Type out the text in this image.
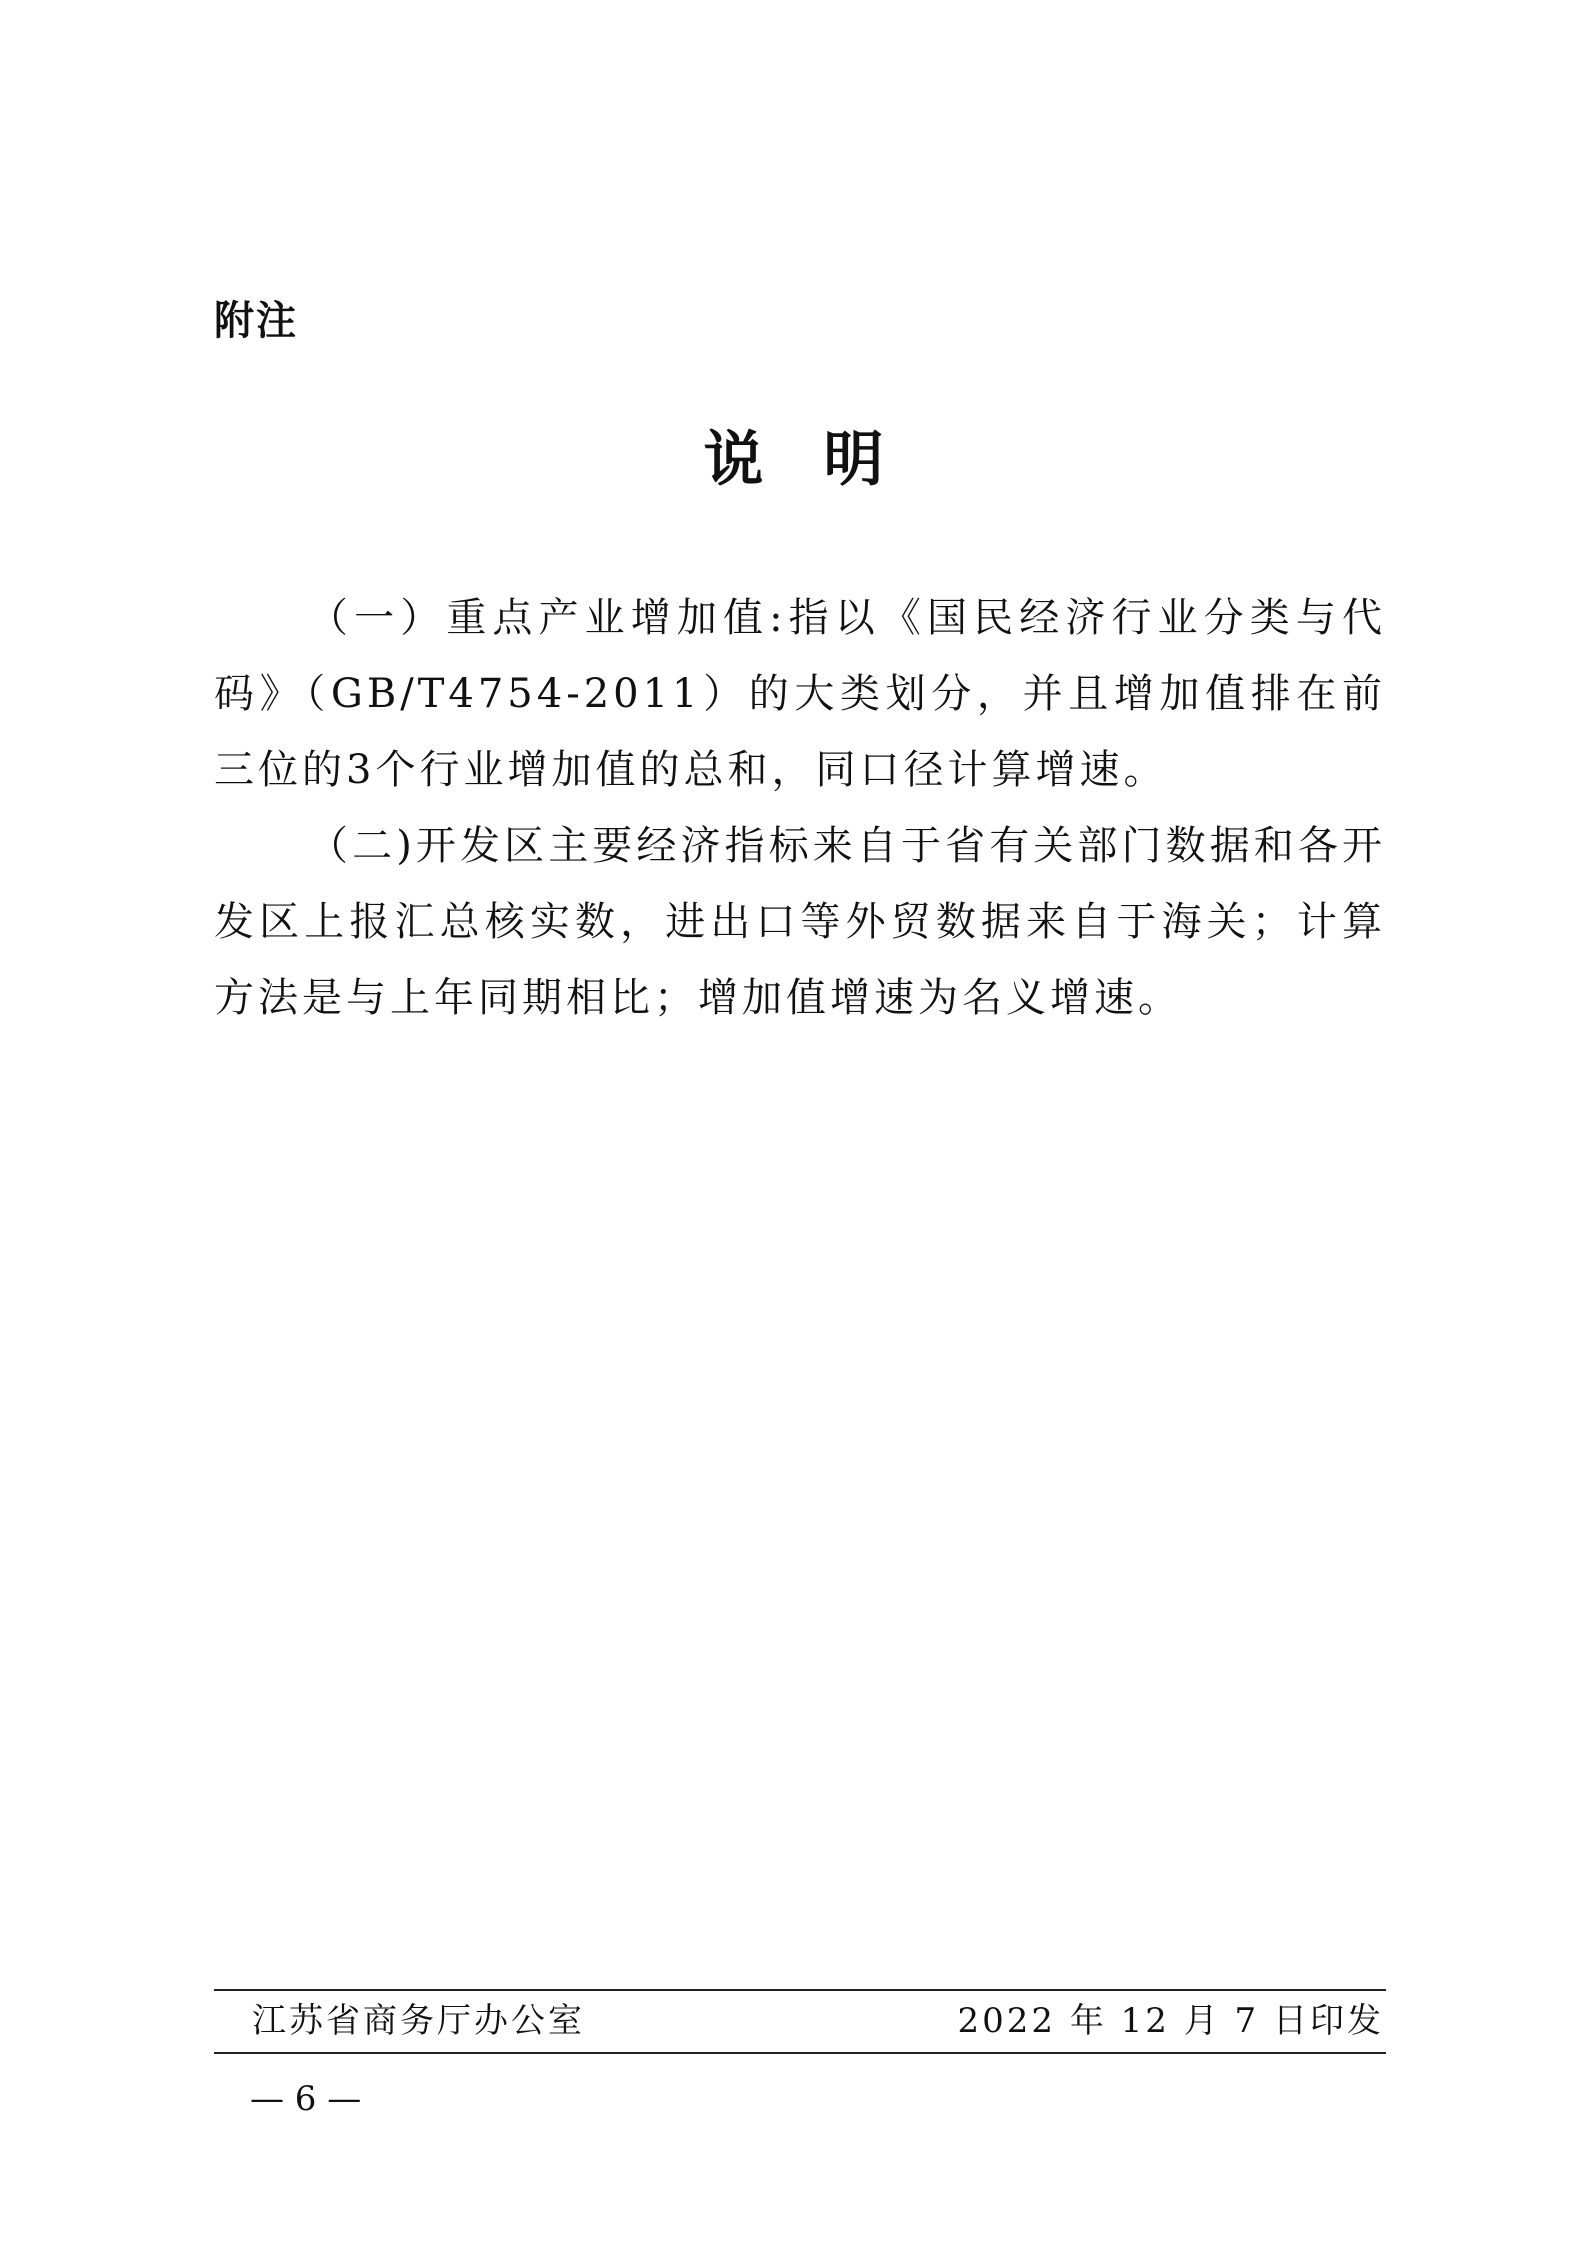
附注
说　明

（一）重点产业增加值:指以《国民经济行业分类与代码》（GB/T4754-2011）的大类划分，并且增加值排在前三位的3个行业增加值的总和，同口径计算增速。

（二)开发区主要经济指标来自于省有关部门数据和各开发区上报汇总核实数，进出口等外贸数据来自于海关；计算方法是与上年同期相比；增加值增速为名义增速。

江苏省商务厅办公室	2022 年 12 月 7 日印发
— 6 —
